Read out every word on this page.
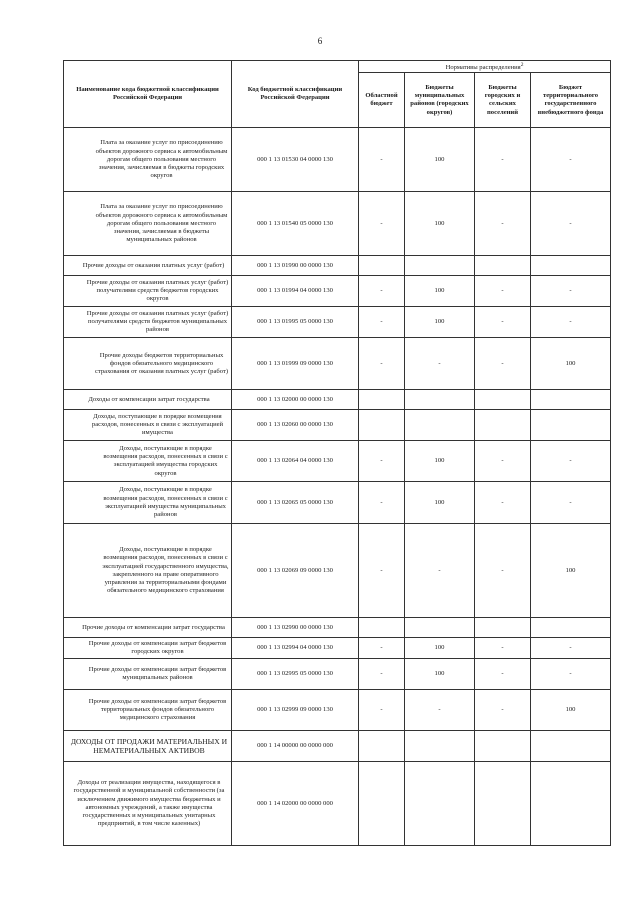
6
Наименование кода бюджетной классификации Российской Федерации	Код бюджетной классификации Российской Федерации	Нормативы распределения$^2$
		Областной бюджет	Бюджеты муниципальных районов (городских округов)	Бюджеты городских и сельских поселений	Бюджет территориального государственного внебюджетного фонда
Плата за оказание услуг по присоединению объектов дорожного сервиса к автомобильным дорогам общего пользования местного значения, зачисляемая в бюджеты городских округов	000 1 13 01530 04 0000 130	-	100	-	-
Плата за оказание услуг по присоединению объектов дорожного сервиса к автомобильным дорогам общего пользования местного значения, зачисляемая в бюджеты муниципальных районов	000 1 13 01540 05 0000 130	-	100	-	-
Прочие доходы от оказания платных услуг (работ)	000 1 13 01990 00 0000 130				
Прочие доходы от оказания платных услуг (работ) получателями средств бюджетов городских округов	000 1 13 01994 04 0000 130	-	100	-	-
Прочие доходы от оказания платных услуг (работ) получателями средств бюджетов муниципальных районов	000 1 13 01995 05 0000 130	-	100	-	-
Прочие доходы бюджетов территориальных фондов обязательного медицинского страхования от оказания платных услуг (работ)	000 1 13 01999 09 0000 130	-	-	-	100
Доходы от компенсации затрат государства	000 1 13 02000 00 0000 130				
Доходы, поступающие в порядке возмещения расходов, понесенных в связи с эксплуатацией имущества	000 1 13 02060 00 0000 130				
Доходы, поступающие в порядке возмещения расходов, понесенных в связи с эксплуатацией имущества городских округов	000 1 13 02064 04 0000 130	-	100	-	-
Доходы, поступающие в порядке возмещения расходов, понесенных в связи с эксплуатацией имущества муниципальных районов	000 1 13 02065 05 0000 130	-	100	-	-
Доходы, поступающие в порядке возмещения расходов, понесенных в связи с эксплуатацией государственного имущества, закрепленного на праве оперативного управления за территориальными фондами обязательного медицинского страхования	000 1 13 02069 09 0000 130	-	-	-	100
Прочие доходы от компенсации затрат государства	000 1 13 02990 00 0000 130				
Прочие доходы от компенсации затрат бюджетов городских округов	000 1 13 02994 04 0000 130	-	100	-	-
Прочие доходы от компенсации затрат бюджетов муниципальных районов	000 1 13 02995 05 0000 130	-	100	-	-
Прочие доходы от компенсации затрат бюджетов территориальных фондов обязательного медицинского страхования	000 1 13 02999 09 0000 130	-	-	-	100
ДОХОДЫ ОТ ПРОДАЖИ МАТЕРИАЛЬНЫХ И НЕМАТЕРИАЛЬНЫХ АКТИВОВ	000 1 14 00000 00 0000 000				
Доходы от реализации имущества, находящегося в государственной и муниципальной собственности (за исключением движимого имущества бюджетных и автономных учреждений, а также имущества государственных и муниципальных унитарных предприятий, в том числе казенных)	000 1 14 02000 00 0000 000				
